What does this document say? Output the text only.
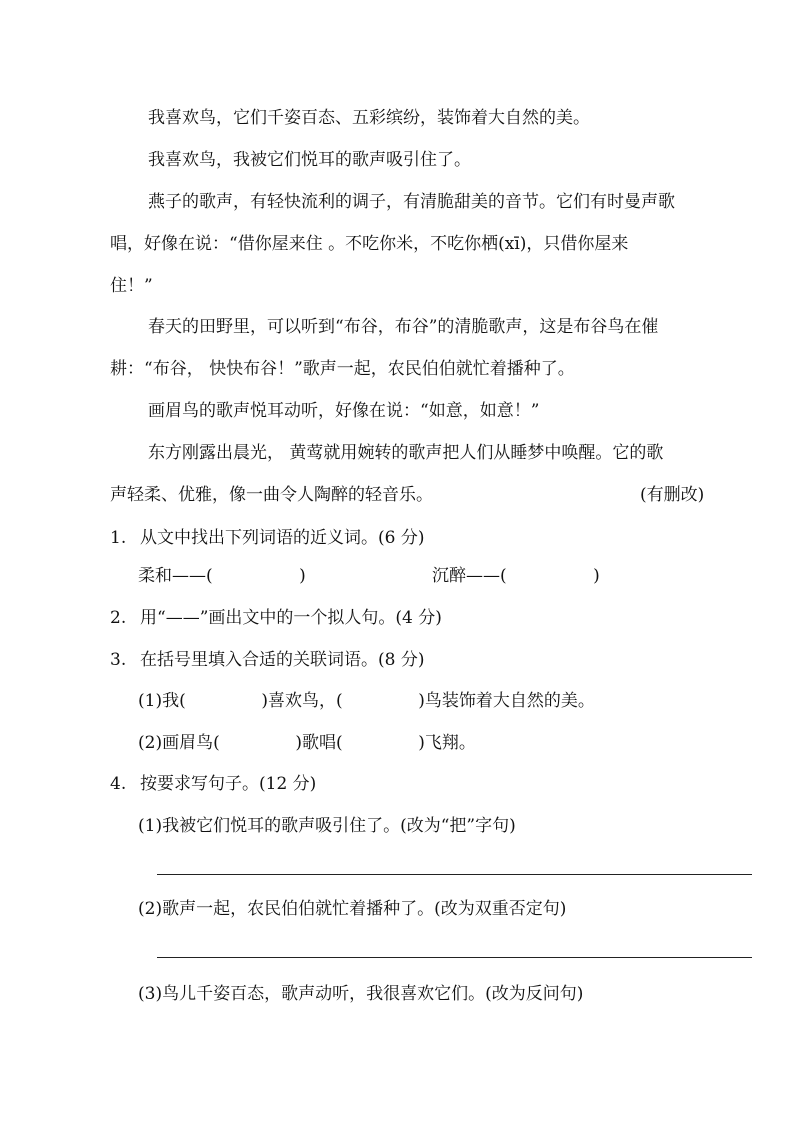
我喜欢鸟，它们千姿百态、五彩缤纷，装饰着大自然的美。
我喜欢鸟，我被它们悦耳的歌声吸引住了。
燕子的歌声，有轻快流利的调子，有清脆甜美的音节。它们有时曼声歌
唱，好像在说：“借你屋来住 。不吃你米，不吃你栖(xī)，只借你屋来
住！”
春天的田野里，可以听到“布谷，布谷”的清脆歌声，这是布谷鸟在催
耕：“布谷， 快快布谷！”歌声一起，农民伯伯就忙着播种了。
画眉鸟的歌声悦耳动听，好像在说：“如意，如意！”
东方刚露出晨光， 黄莺就用婉转的歌声把人们从睡梦中唤醒。它的歌
声轻柔、优雅，像一曲令人陶醉的轻音乐。	(有删改)
1. 从文中找出下列词语的近义词。(6 分)
柔和——(                )	沉醉——(                )
2. 用“——”画出文中的一个拟人句。(4 分)
3. 在括号里填入合适的关联词语。(8 分)
(1)我(              )喜欢鸟，(              )鸟装饰着大自然的美。
(2)画眉鸟(              )歌唱(              )飞翔。
4. 按要求写句子。(12 分)
(1)我被它们悦耳的歌声吸引住了。(改为“把”字句)
(2)歌声一起，农民伯伯就忙着播种了。(改为双重否定句)
(3)鸟儿千姿百态，歌声动听，我很喜欢它们。(改为反问句)
